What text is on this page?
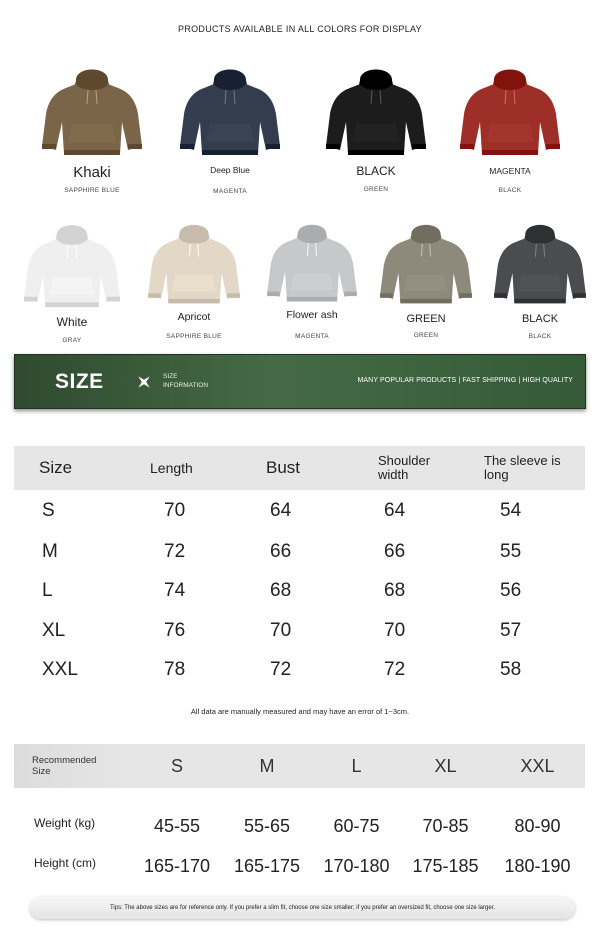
PRODUCTS AVAILABLE IN ALL COLORS FOR DISPLAY
Khaki
SAPPHIRE BLUE
Deep Blue
MAGENTA
BLACK
GREEN
MAGENTA
BLACK
White
GRAY
Apricot
SAPPHIRE BLUE
Flower ash
MAGENTA
GREEN
GREEN
BLACK
BLACK
SIZE	SIZE
INFORMATION
MANY POPULAR PRODUCTS | FAST SHIPPING | HIGH QUALITY
Size	Length	Bust	Shoulder width	The sleeve is long

S	70	64	64	54
M	72	66	66	55
L	74	68	68	56
XL	76	70	70	57
XXL	78	72	72	58
All data are manually measured and may have an error of 1~3cm.
Recommended Size	S	M	L	XL	XXL
Weight (kg)	45-55	55-65	60-75	70-85	80-90
Height (cm)	165-170	165-175	170-180	175-185	180-190
Tips: The above sizes are for reference only. If you prefer a slim fit, choose one size smaller; if you prefer an oversized fit, choose one size larger.
